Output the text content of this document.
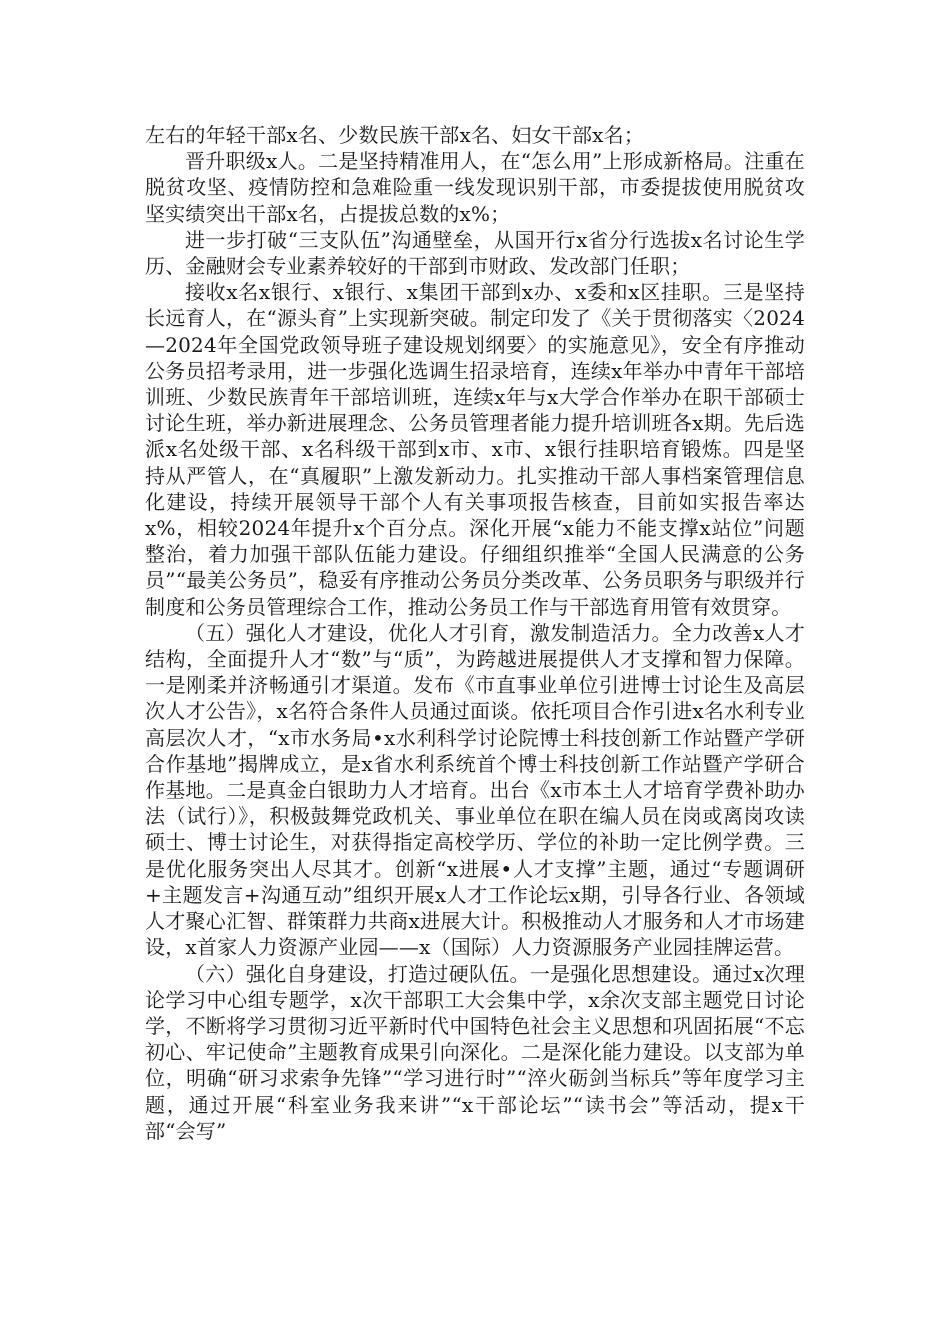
左右的年轻干部x名、少数民族干部x名、妇女干部x名；

晋升职级x人。二是坚持精准用人，在“怎么用”上形成新格局。注重在脱贫攻坚、疫情防控和急难险重一线发现识别干部，市委提拔使用脱贫攻坚实绩突出干部x名，占提拔总数的x%；

进一步打破“三支队伍”沟通壁垒，从国开行x省分行选拔x名讨论生学历、金融财会专业素养较好的干部到市财政、发改部门任职；

接收x名x银行、x银行、x集团干部到x办、x委和x区挂职。三是坚持长远育人，在“源头育”上实现新突破。制定印发了《关于贯彻落实〈2024—2024年全国党政领导班子建设规划纲要〉的实施意见》，安全有序推动公务员招考录用，进一步强化选调生招录培育，连续x年举办中青年干部培训班、少数民族青年干部培训班，连续x年与x大学合作举办在职干部硕士讨论生班，举办新进展理念、公务员管理者能力提升培训班各x期。先后选派x名处级干部、x名科级干部到x市、x市、x银行挂职培育锻炼。四是坚持从严管人，在“真履职”上激发新动力。扎实推动干部人事档案管理信息化建设，持续开展领导干部个人有关事项报告核查，目前如实报告率达x%，相较2024年提升x个百分点。深化开展“x能力不能支撑x站位”问题整治，着力加强干部队伍能力建设。仔细组织推举“全国人民满意的公务员”“最美公务员”，稳妥有序推动公务员分类改革、公务员职务与职级并行制度和公务员管理综合工作，推动公务员工作与干部选育用管有效贯穿。

（五）强化人才建设，优化人才引育，激发制造活力。全力改善x人才结构，全面提升人才“数”与“质”，为跨越进展提供人才支撑和智力保障。一是刚柔并济畅通引才渠道。发布《市直事业单位引进博士讨论生及高层次人才公告》，x名符合条件人员通过面谈。依托项目合作引进x名水利专业高层次人才，“x市水务局•x水利科学讨论院博士科技创新工作站暨产学研合作基地”揭牌成立，是x省水利系统首个博士科技创新工作站暨产学研合作基地。二是真金白银助力人才培育。出台《x市本土人才培育学费补助办法（试行）》，积极鼓舞党政机关、事业单位在职在编人员在岗或离岗攻读硕士、博士讨论生，对获得指定高校学历、学位的补助一定比例学费。三是优化服务突出人尽其才。创新“x进展•人才支撑”主题，通过“专题调研+主题发言+沟通互动”组织开展x人才工作论坛x期，引导各行业、各领域人才聚心汇智、群策群力共商x进展大计。积极推动人才服务和人才市场建设，x首家人力资源产业园——x（国际）人力资源服务产业园挂牌运营。

（六）强化自身建设，打造过硬队伍。一是强化思想建设。通过x次理论学习中心组专题学，x次干部职工大会集中学，x余次支部主题党日讨论学，不断将学习贯彻习近平新时代中国特色社会主义思想和巩固拓展“不忘初心、牢记使命”主题教育成果引向深化。二是深化能力建设。以支部为单位，明确“研习求索争先锋”“学习进行时”“淬火砺剑当标兵”等年度学习主题，通过开展“科室业务我来讲”“x干部论坛”“读书会”等活动，提x干部“会写”
